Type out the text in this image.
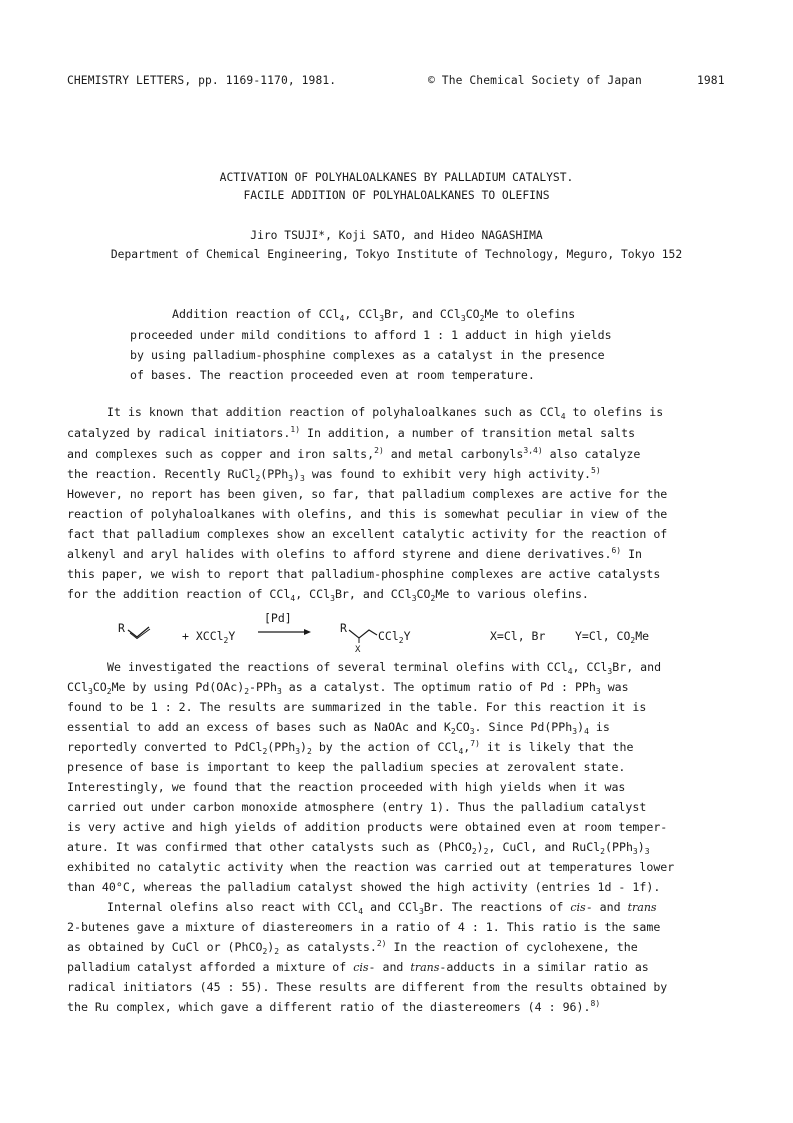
CHEMISTRY LETTERS, pp. 1169-1170, 1981.	© The Chemical Society of Japan	1981
ACTIVATION OF POLYHALOALKANES BY PALLADIUM CATALYST.
FACILE ADDITION OF POLYHALOALKANES TO OLEFINS
Jiro TSUJI*, Koji SATO, and Hideo NAGASHIMA
Department of Chemical Engineering, Tokyo Institute of Technology, Meguro, Tokyo 152
Addition reaction of CCl$_4$, CCl$_3$Br, and $CCl_3CO_2Me$ to olefins
proceeded under mild conditions to afford 1 : 1 adduct in high yields
by using palladium-phosphine complexes as a catalyst in the presence
of bases. The reaction proceeded even at room temperature.
It is known that addition reaction of polyhaloalkanes such as CCl$_4$ to olefins is
catalyzed by radical initiators.$^{1)}$ In addition, a number of transition metal salts
and complexes such as copper and iron salts,$^{2)}$ and metal carbonyls$^{3,4)}$ also catalyze
the reaction. Recently $RuCl_2(PPh_3)_3$ was found to exhibit very high activity.$^{5)}$
However, no report has been given, so far, that palladium complexes are active for the
reaction of polyhaloalkanes with olefins, and this is somewhat peculiar in view of the
fact that palladium complexes show an excellent catalytic activity for the reaction of
alkenyl and aryl halides with olefins to afford styrene and diene derivatives.$^{6)}$ In
this paper, we wish to report that palladium-phosphine complexes are active catalysts
for the addition reaction of CCl$_4$, CCl$_3$Br, and $CCl_3CO_2Me$ to various olefins.
R
+ XCCl$_2$Y
[Pd]
R
X
CCl$_2$Y	X=Cl, Br	Y=Cl, $CO_2Me$
We investigated the reactions of several terminal olefins with CCl$_4$, CCl$_3$Br, and
$CCl_3CO_2Me$ by using $Pd(OAc)_2-PPh_3$ as a catalyst. The optimum ratio of Pd : PPh$_3$ was
found to be 1 : 2. The results are summarized in the table. For this reaction it is
essential to add an excess of bases such as NaOAc and $K_2CO_3$. Since $Pd(PPh_3)_4$ is
reportedly converted to $PdCl_2(PPh_3)_2$ by the action of CCl$_4$,$^{7)}$ it is likely that the
presence of base is important to keep the palladium species at zerovalent state.
Interestingly, we found that the reaction proceeded with high yields when it was
carried out under carbon monoxide atmosphere (entry 1). Thus the palladium catalyst
is very active and high yields of addition products were obtained even at room temper-
ature. It was confirmed that other catalysts such as $(PhCO_2)_2$, CuCl, and $RuCl_2(PPh_3)_3$
exhibited no catalytic activity when the reaction was carried out at temperatures lower
than 40°C, whereas the palladium catalyst showed the high activity (entries 1d - 1f).
Internal olefins also react with CCl$_4$ and CCl$_3$Br. The reactions of cis- and trans
2-butenes gave a mixture of diastereomers in a ratio of 4 : 1. This ratio is the same
as obtained by CuCl or $(PhCO_2)_2$ as catalysts.$^{2)}$ In the reaction of cyclohexene, the
palladium catalyst afforded a mixture of cis- and trans-adducts in a similar ratio as
radical initiators (45 : 55). These results are different from the results obtained by
the Ru complex, which gave a different ratio of the diastereomers (4 : 96).$^{8)}$
